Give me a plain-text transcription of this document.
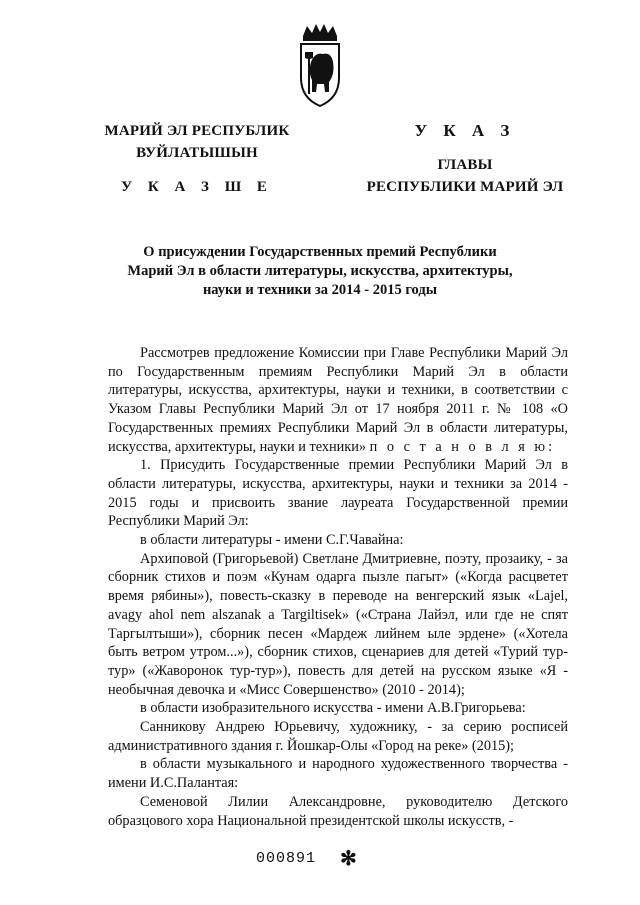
МАРИЙ ЭЛ РЕСПУБЛИК
ВУЙЛАТЫШЫН
У К А З Ш Е
У К А З
ГЛАВЫ
РЕСПУБЛИКИ МАРИЙ ЭЛ
О присуждении Государственных премий Республики
Марий Эл в области литературы, искусства, архитектуры,
науки и техники за 2014 - 2015 годы

Рассмотрев предложение Комиссии при Главе Республики Марий Эл по Государственным премиям Республики Марий Эл в области литературы, искусства, архитектуры, науки и техники, в соответствии с Указом Главы Республики Марий Эл от 17 ноября 2011 г. № 108 «О Государственных премиях Республики Марий Эл в области литературы, искусства, архитектуры, науки и техники» п о с т а н о в л я ю:

1. Присудить Государственные премии Республики Марий Эл в области литературы, искусства, архитектуры, науки и техники за 2014 - 2015 годы и присвоить звание лауреата Государственной премии Республики Марий Эл:

в области литературы - имени С.Г.Чавайна:

Архиповой (Григорьевой) Светлане Дмитриевне, поэту, прозаику, - за сборник стихов и поэм «Кунам одарга пызле пагыт» («Когда расцветет время рябины»), повесть-сказку в переводе на венгерский язык «Lajel, avagy ahol nem alszanak a Targiltisek» («Страна Лайэл, или где не спят Таргылтыши»), сборник песен «Мардеж лийнем ыле эрдене» («Хотела быть ветром утром...»), сборник стихов, сценариев для детей «Турий тур-тур» («Жаворонок тур-тур»), повесть для детей на русском языке «Я - необычная девочка и «Мисс Совершенство» (2010 - 2014);

в области изобразительного искусства - имени А.В.Григорьева:

Санникову Андрею Юрьевичу, художнику, - за серию росписей административного здания г. Йошкар-Олы «Город на реке» (2015);

в области музыкального и народного художественного творчества - имени И.С.Палантая:

Семеновой Лилии Александровне, руководителю Детского образцового хора Национальной президентской школы искусств, -

000891 ✻
